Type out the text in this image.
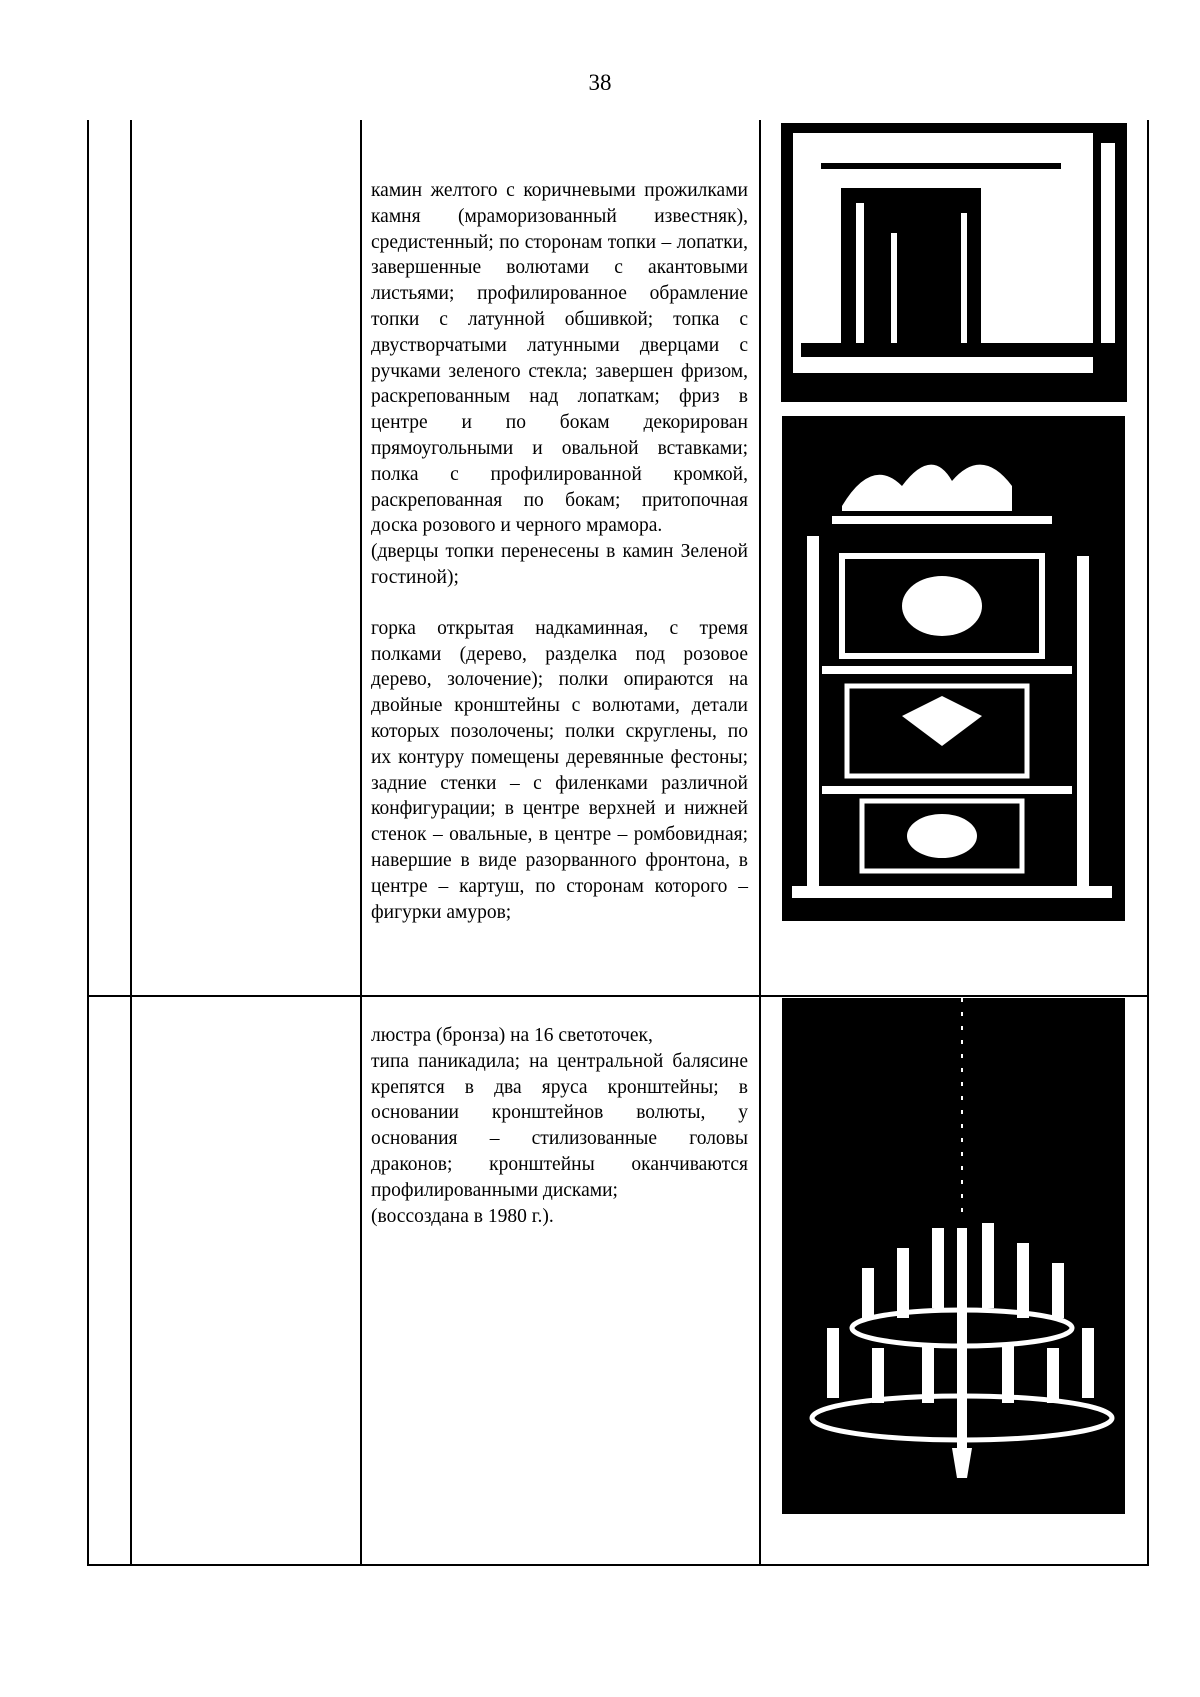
38

камин желтого с коричневыми прожилками камня (мраморизованный известняк), средистенный; по сторонам топки – лопатки, завершенные волютами с акантовыми листьями; профилированное обрамление топки с латунной обшивкой; топка с двустворчатыми латунными дверцами с ручками зеленого стекла; завершен фризом, раскрепованным над лопаткам; фриз в центре и по бокам декорирован прямоугольными и овальной вставками; полка с профилированной кромкой, раскрепованная по бокам; притопочная доска розового и черного мрамора.

(дверцы топки перенесены в камин Зеленой гостиной);

горка открытая надкаминная, с тремя полками (дерево, разделка под розовое дерево, золочение); полки опираются на двойные кронштейны с волютами, детали которых позолочены; полки скруглены, по их контуру помещены деревянные фестоны; задние стенки – с филенками различной конфигурации; в центре верхней и нижней стенок – овальные, в центре – ромбовидная; навершие в виде разорванного фронтона, в центре – картуш, по сторонам которого – фигурки амуров;

люстра (бронза) на 16 светоточек,

типа паникадила; на центральной балясине крепятся в два яруса кронштейны; в основании кронштейнов волюты, у основания – стилизованные головы драконов; кронштейны оканчиваются профилированными дисками;

(воссоздана в 1980 г.).
